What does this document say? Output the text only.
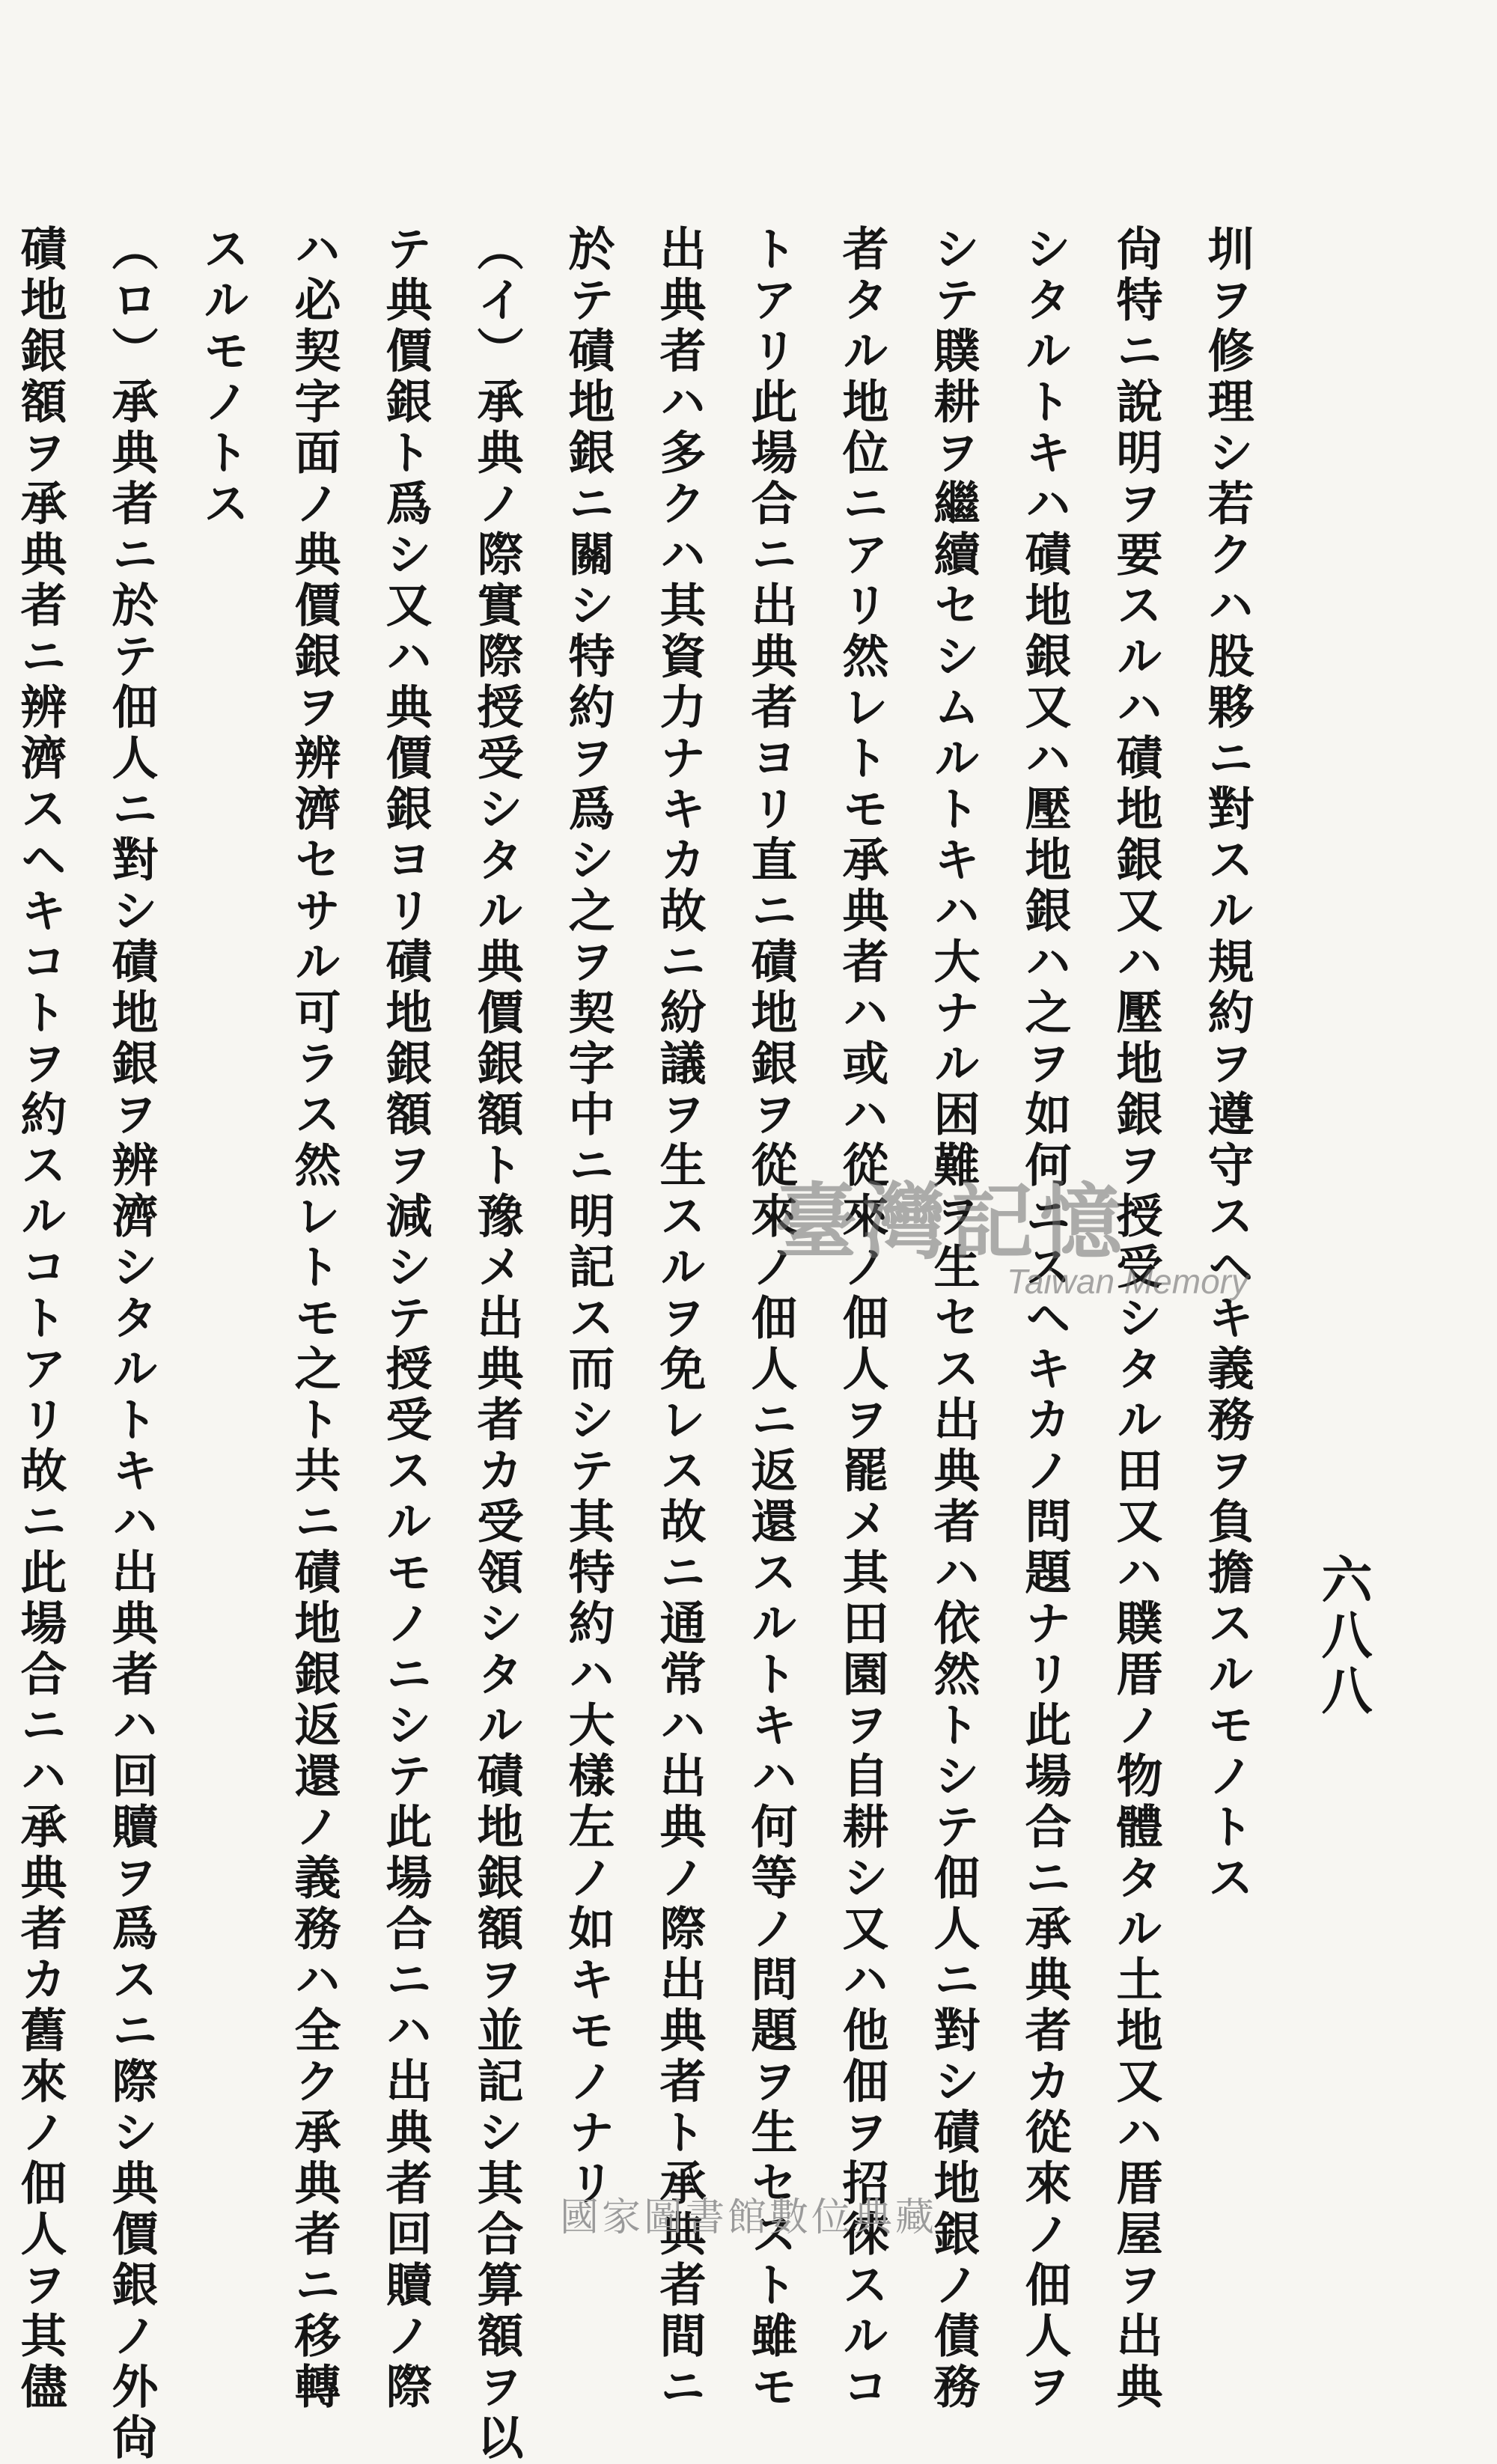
六八八
圳ヲ修理シ若クハ股夥ニ對スル規約ヲ遵守スヘキ義務ヲ負擔スルモノトス
尙特ニ說明ヲ要スルハ磧地銀又ハ壓地銀ヲ授受シタル田又ハ贌厝ノ物體タル土地又ハ厝屋ヲ出典
シタルトキハ磧地銀又ハ壓地銀ハ之ヲ如何ニスヘキカノ問題ナリ此場合ニ承典者カ從來ノ佃人ヲ
シテ贌耕ヲ繼續セシムルトキハ大ナル困難ヲ生セス出典者ハ依然トシテ佃人ニ對シ磧地銀ノ債務
者タル地位ニアリ然レトモ承典者ハ或ハ從來ノ佃人ヲ罷メ其田園ヲ自耕シ又ハ他佃ヲ招徠スルコ
トアリ此場合ニ出典者ヨリ直ニ磧地銀ヲ從來ノ佃人ニ返還スルトキハ何等ノ問題ヲ生セスト雖モ
出典者ハ多クハ其資力ナキカ故ニ紛議ヲ生スルヲ免レス故ニ通常ハ出典ノ際出典者ト承典者間ニ
於テ磧地銀ニ關シ特約ヲ爲シ之ヲ契字中ニ明記ス而シテ其特約ハ大樣左ノ如キモノナリ
（イ）承典ノ際實際授受シタル典價銀額ト豫メ出典者カ受領シタル磧地銀額ヲ並記シ其合算額ヲ以
テ典價銀ト爲シ又ハ典價銀ヨリ磧地銀額ヲ減シテ授受スルモノニシテ此場合ニハ出典者回贖ノ際
ハ必契字面ノ典價銀ヲ辨濟セサル可ラス然レトモ之ト共ニ磧地銀返還ノ義務ハ全ク承典者ニ移轉
スルモノトス
（ロ）承典者ニ於テ佃人ニ對シ磧地銀ヲ辨濟シタルトキハ出典者ハ回贖ヲ爲スニ際シ典價銀ノ外尙
磧地銀額ヲ承典者ニ辨濟スヘキコトヲ約スルコトアリ故ニ此場合ニハ承典者カ舊來ノ佃人ヲ其儘	臺灣記憶
Taiwan Memory
國家圖書館數位典藏
